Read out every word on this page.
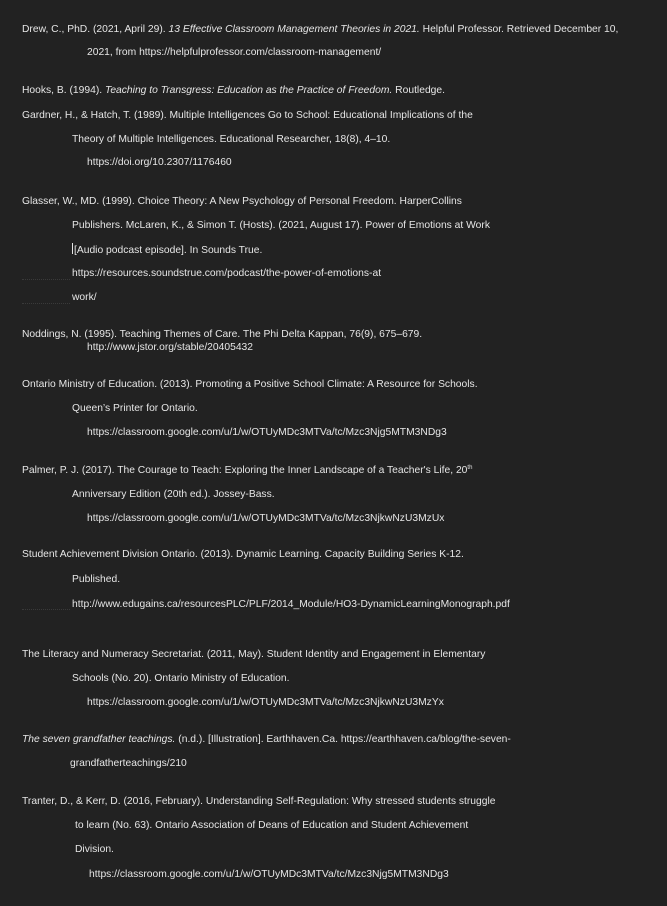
Drew, C., PhD. (2021, April 29). 13 Effective Classroom Management Theories in 2021. Helpful Professor. Retrieved December 10,
2021, from https://helpfulprofessor.com/classroom-management/
Hooks, B. (1994). Teaching to Transgress: Education as the Practice of Freedom. Routledge.
Gardner, H., & Hatch, T. (1989). Multiple Intelligences Go to School: Educational Implications of the
Theory of Multiple Intelligences. Educational Researcher, 18(8), 4–10.
https://doi.org/10.2307/1176460
Glasser, W., MD. (1999). Choice Theory: A New Psychology of Personal Freedom. HarperCollins
Publishers. McLaren, K., & Simon T. (Hosts). (2021, August 17). Power of Emotions at Work
[Audio podcast episode]. In Sounds True.
https://resources.soundstrue.com/podcast/the-power-of-emotions-at
work/
Noddings, N. (1995). Teaching Themes of Care. The Phi Delta Kappan, 76(9), 675–679.
http://www.jstor.org/stable/20405432
Ontario Ministry of Education. (2013). Promoting a Positive School Climate: A Resource for Schools.
Queen’s Printer for Ontario.
https://classroom.google.com/u/1/w/OTUyMDc3MTVa/tc/Mzc3Njg5MTM3NDg3
Palmer, P. J. (2017). The Courage to Teach: Exploring the Inner Landscape of a Teacher's Life, 20th
Anniversary Edition (20th ed.). Jossey-Bass.
https://classroom.google.com/u/1/w/OTUyMDc3MTVa/tc/Mzc3NjkwNzU3MzUx
Student Achievement Division Ontario. (2013). Dynamic Learning. Capacity Building Series K-12.
Published.
http://www.edugains.ca/resourcesPLC/PLF/2014_Module/HO3-DynamicLearningMonograph.pdf
The Literacy and Numeracy Secretariat. (2011, May). Student Identity and Engagement in Elementary
Schools (No. 20). Ontario Ministry of Education.
https://classroom.google.com/u/1/w/OTUyMDc3MTVa/tc/Mzc3NjkwNzU3MzYx
The seven grandfather teachings. (n.d.). [Illustration]. Earthhaven.Ca. https://earthhaven.ca/blog/the-seven-
grandfatherteachings/210
Tranter, D., & Kerr, D. (2016, February). Understanding Self-Regulation: Why stressed students struggle
to learn (No. 63). Ontario Association of Deans of Education and Student Achievement
Division.
https://classroom.google.com/u/1/w/OTUyMDc3MTVa/tc/Mzc3Njg5MTM3NDg3
